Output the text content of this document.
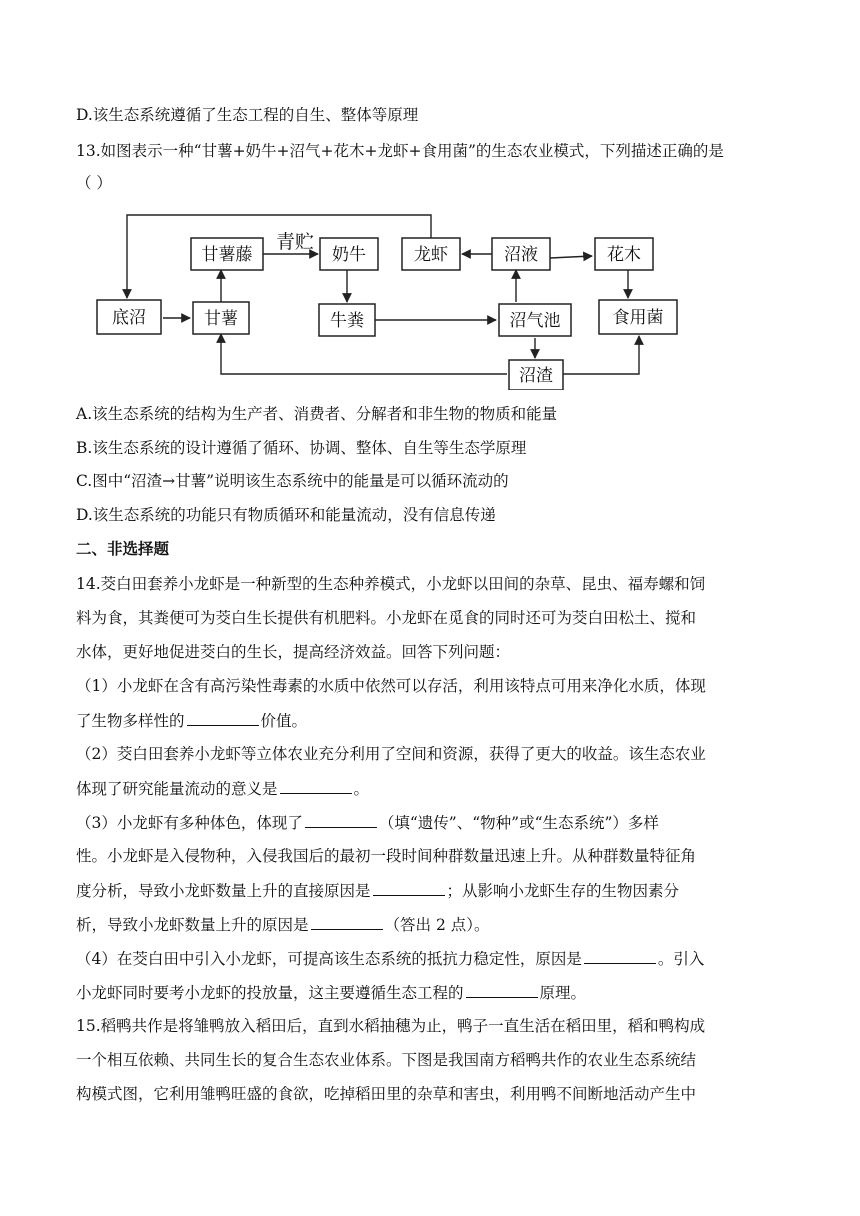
D.该生态系统遵循了生态工程的自生、整体等原理
13.如图表示一种“甘薯+奶牛+沼气+花木+龙虾+食用菌”的生态农业模式，下列描述正确的是
（ ）
底沼	甘薯
甘薯藤
青贮
奶牛
牛粪
龙虾	沼液	花木
沼气池	食用菌
沼渣
A.该生态系统的结构为生产者、消费者、分解者和非生物的物质和能量
B.该生态系统的设计遵循了循环、协调、整体、自生等生态学原理
C.图中“沼渣→甘薯”说明该生态系统中的能量是可以循环流动的
D.该生态系统的功能只有物质循环和能量流动，没有信息传递
二、非选择题
14.茭白田套养小龙虾是一种新型的生态种养模式，小龙虾以田间的杂草、昆虫、福寿螺和饲
料为食，其粪便可为茭白生长提供有机肥料。小龙虾在觅食的同时还可为茭白田松土、搅和
水体，更好地促进茭白的生长，提高经济效益。回答下列问题：
（1）小龙虾在含有高污染性毒素的水质中依然可以存活，利用该特点可用来净化水质，体现
了生物多样性的	价值。
（2）茭白田套养小龙虾等立体农业充分利用了空间和资源，获得了更大的收益。该生态农业
体现了研究能量流动的意义是	。
（3）小龙虾有多种体色，体现了	（填“遗传”、“物种”或“生态系统”）多样
性。小龙虾是入侵物种，入侵我国后的最初一段时间种群数量迅速上升。从种群数量特征角
度分析，导致小龙虾数量上升的直接原因是	；从影响小龙虾生存的生物因素分
析，导致小龙虾数量上升的原因是	（答出 2 点）。
（4）在茭白田中引入小龙虾，可提高该生态系统的抵抗力稳定性，原因是	。引入
小龙虾同时要考小龙虾的投放量，这主要遵循生态工程的	原理。
15.稻鸭共作是将雏鸭放入稻田后，直到水稻抽穗为止，鸭子一直生活在稻田里，稻和鸭构成
一个相互依赖、共同生长的复合生态农业体系。下图是我国南方稻鸭共作的农业生态系统结
构模式图，它利用雏鸭旺盛的食欲，吃掉稻田里的杂草和害虫，利用鸭不间断地活动产生中
